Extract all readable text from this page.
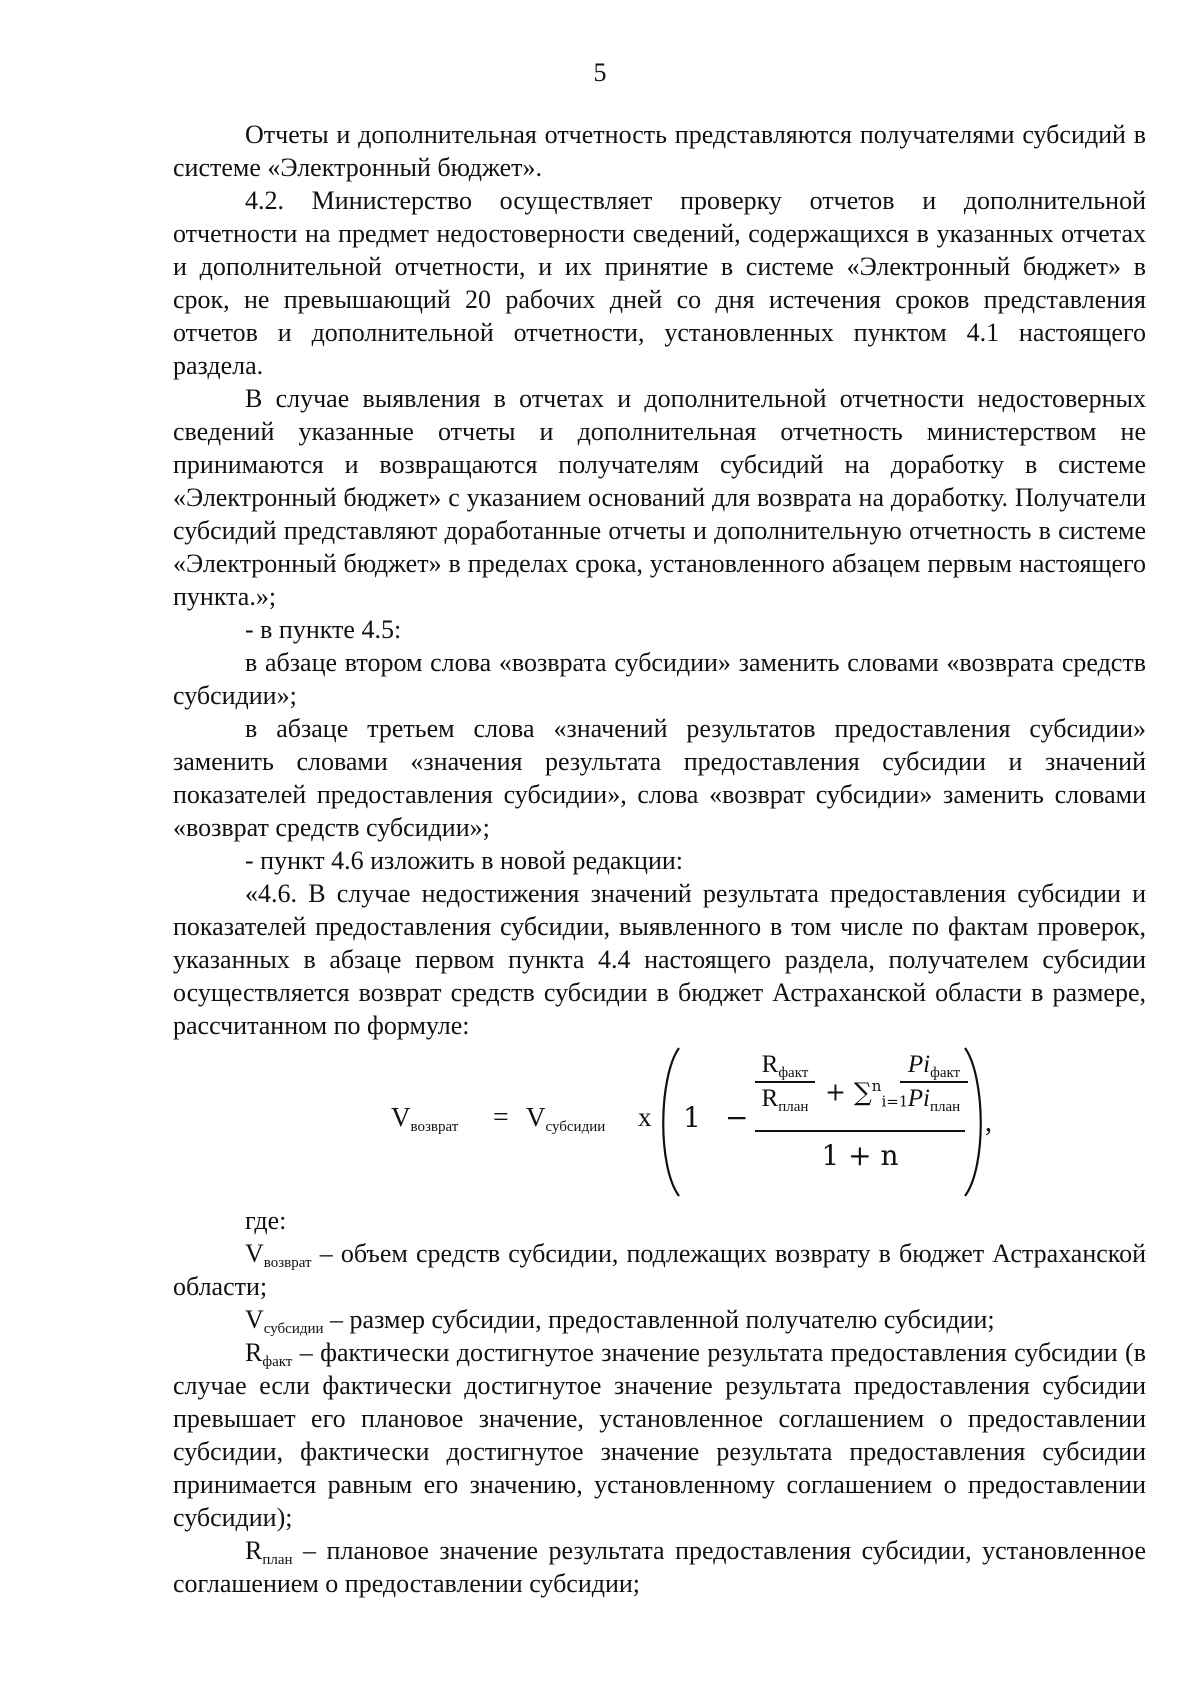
5

Отчеты и дополнительная отчетность представляются получателями субсидий в системе «Электронный бюджет».

4.2. Министерство осуществляет проверку отчетов и дополнительной отчетности на предмет недостоверности сведений, содержащихся в указанных отчетах и дополнительной отчетности, и их принятие в системе «Электронный бюджет» в срок, не превышающий 20 рабочих дней со дня истечения сроков представления отчетов и дополнительной отчетности, установленных пунктом 4.1 настоящего раздела.

В случае выявления в отчетах и дополнительной отчетности недостоверных сведений указанные отчеты и дополнительная отчетность министерством не принимаются и возвращаются получателям субсидий на доработку в системе «Электронный бюджет» с указанием оснований для возврата на доработку. Получатели субсидий представляют доработанные отчеты и дополнительную отчетность в системе «Электронный бюджет» в пределах срока, установленного абзацем первым настоящего пункта.»;

- в пункте 4.5:

в абзаце втором слова «возврата субсидии» заменить словами «возврата средств субсидии»;

в абзаце третьем слова «значений результатов предоставления субсидии» заменить словами «значения результата предоставления субсидии и значений показателей предоставления субсидии», слова «возврат субсидии» заменить словами «возврат средств субсидии»;

- пункт 4.6 изложить в новой редакции:

«4.6. В случае недостижения значений результата предоставления субсидии и показателей предоставления субсидии, выявленного в том числе по фактам проверок, указанных в абзаце первом пункта 4.4 настоящего раздела, получателем субсидии осуществляется возврат средств субсидии в бюджет Астраханской области в размере, рассчитанном по формуле:

$V_{возврат} = V_{субсидии}$ x 1 −
$R_{факт}$
$R_{план}$
+ ∑$^n_{i=1}$
$Pi_{факт}$
$Pi_{план}$
1 + n
,

где:

$V_{возврат}$ – объем средств субсидии, подлежащих возврату в бюджет Астраханской области;

$V_{субсидии}$ – размер субсидии, предоставленной получателю субсидии;

$R_{факт}$ – фактически достигнутое значение результата предоставления субсидии (в случае если фактически достигнутое значение результата предоставления субсидии превышает его плановое значение, установленное соглашением о предоставлении субсидии, фактически достигнутое значение результата предоставления субсидии принимается равным его значению, установленному соглашением о предоставлении субсидии);

$R_{план}$ – плановое значение результата предоставления субсидии, установленное соглашением о предоставлении субсидии;
